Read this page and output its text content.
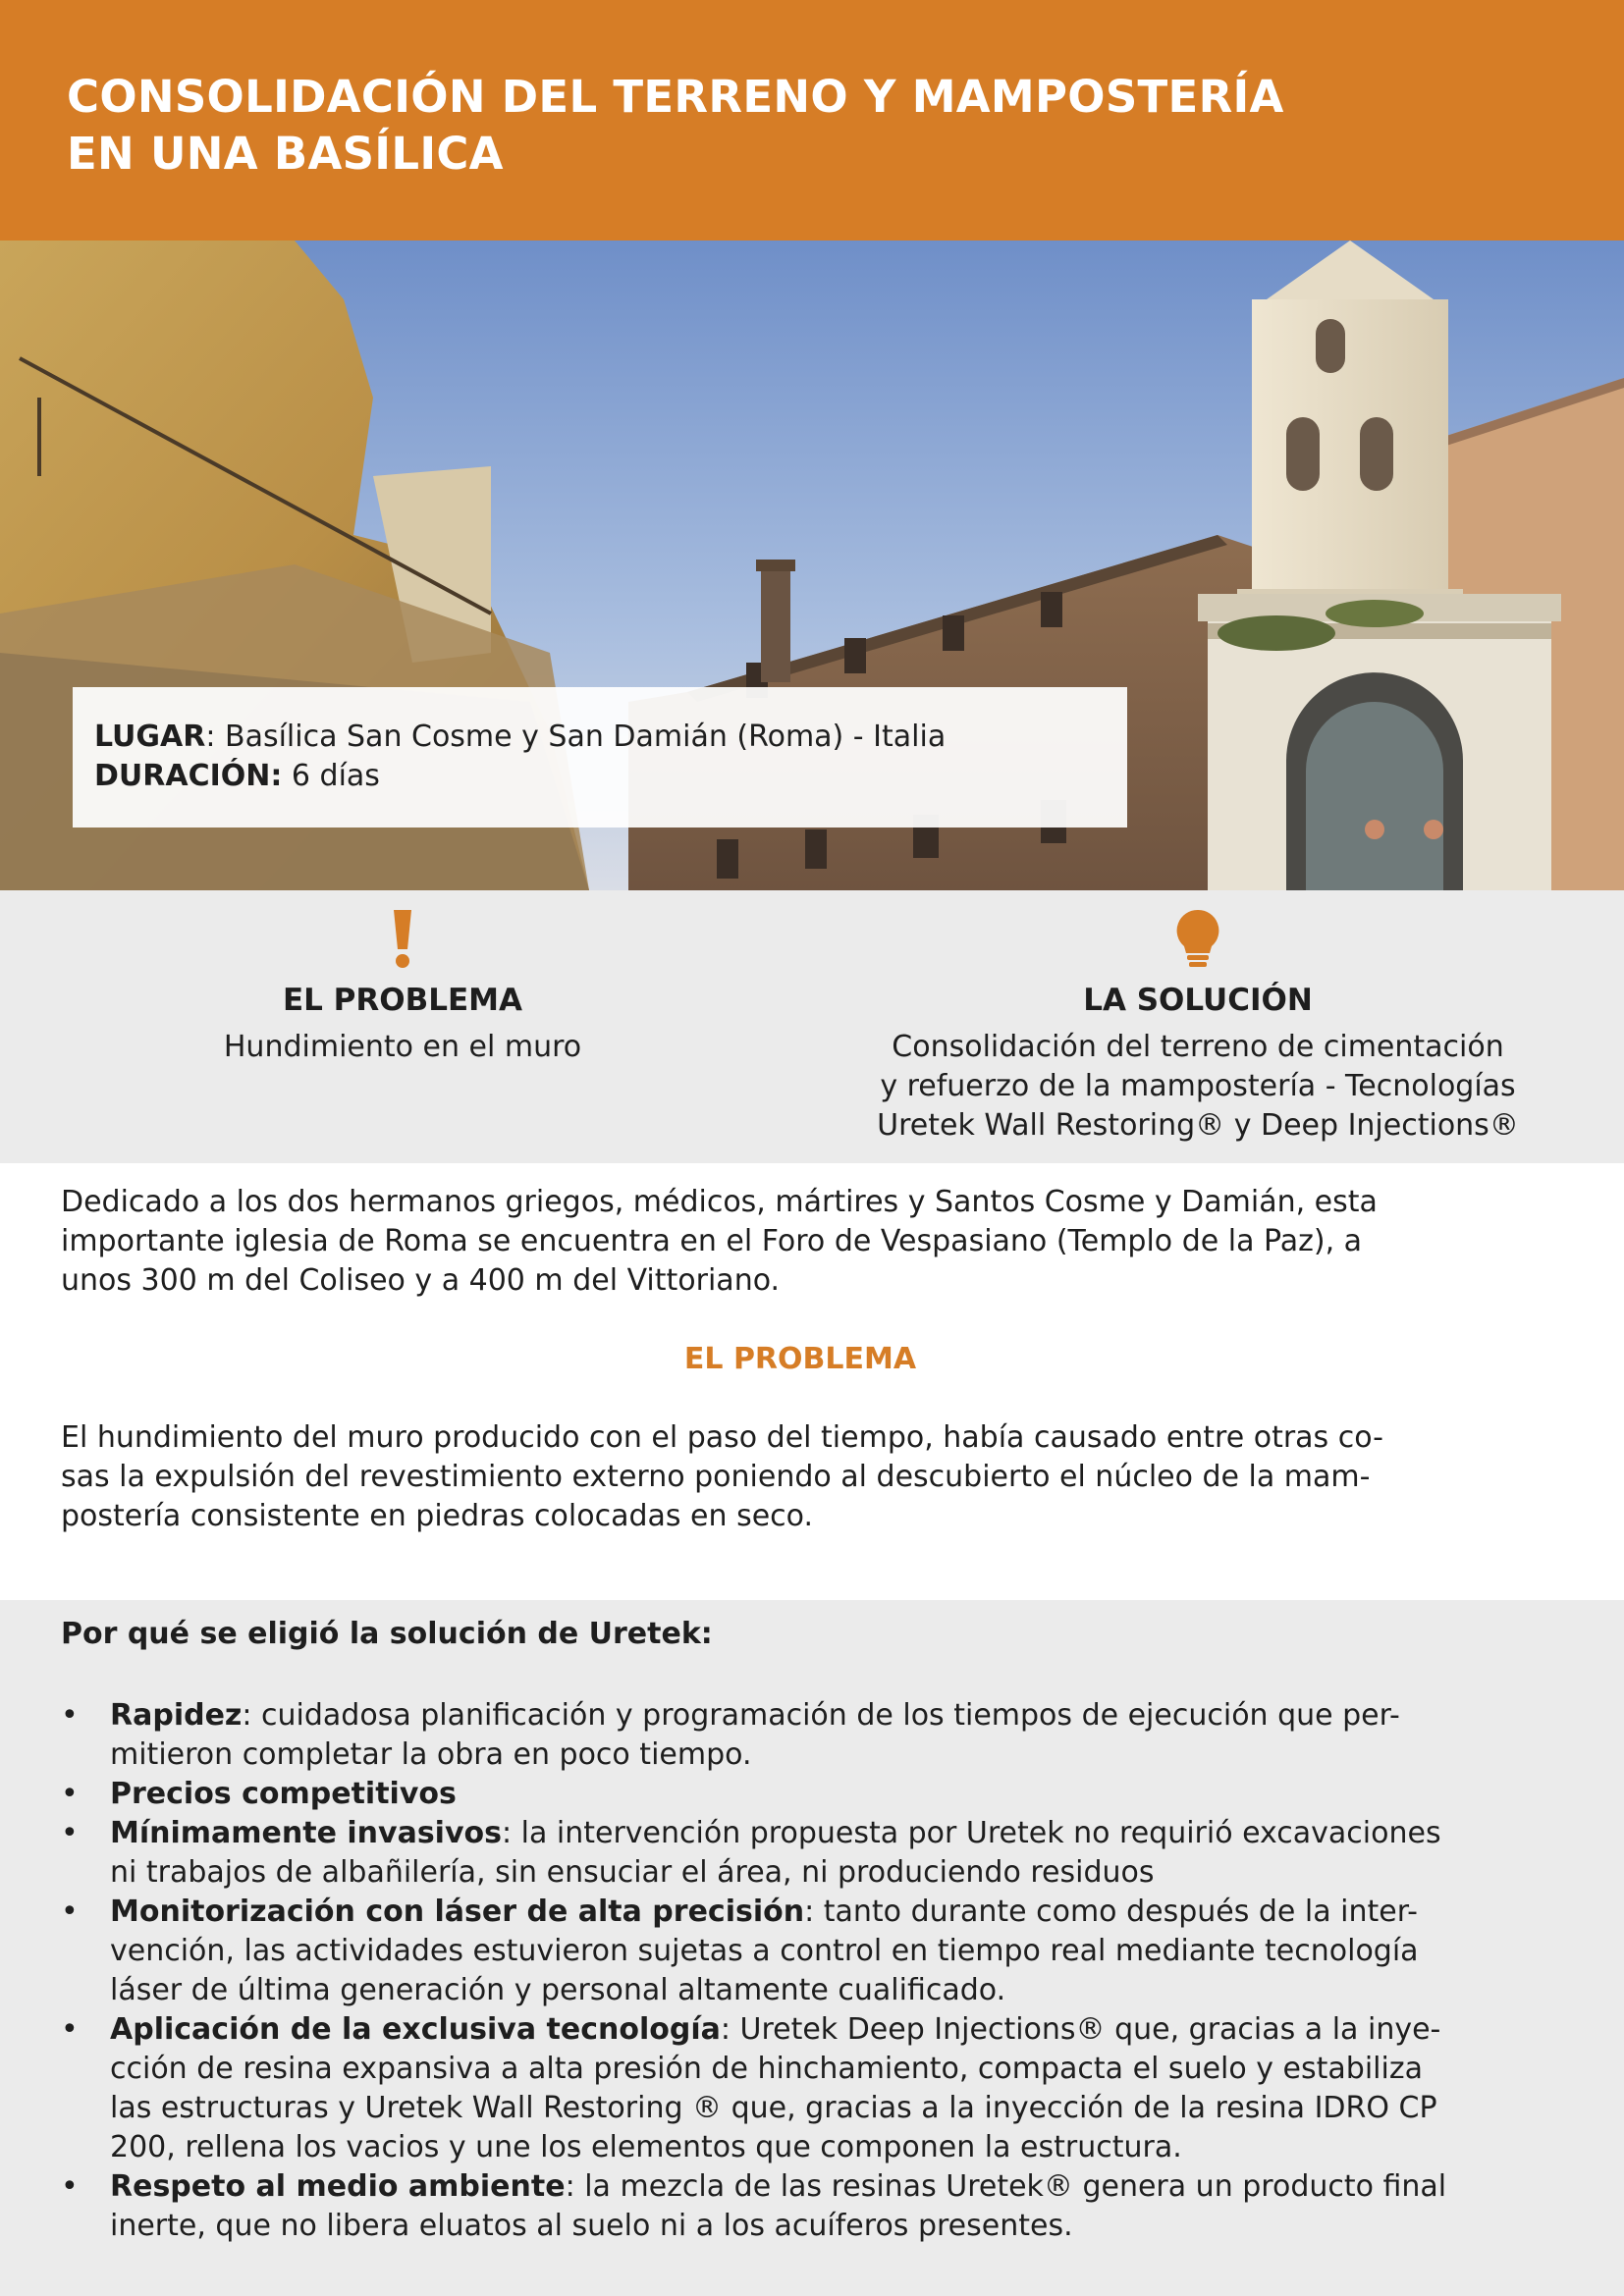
CONSOLIDACIÓN DEL TERRENO Y MAMPOSTERÍA
EN UNA BASÍLICA
LUGAR: Basílica San Cosme y San Damián (Roma) - Italia
DURACIÓN: 6 días
EL PROBLEMA
Hundimiento en el muro
LA SOLUCIÓN
Consolidación del terreno de cimentación
y refuerzo de la mampostería - Tecnologías
Uretek Wall Restoring® y Deep Injections®

Dedicado a los dos hermanos griegos, médicos, mártires y Santos Cosme y Damián, esta
importante iglesia de Roma se encuentra en el Foro de Vespasiano (Templo de la Paz), a
unos 300 m del Coliseo y a 400 m del Vittoriano.

EL PROBLEMA

El hundimiento del muro producido con el paso del tiempo, había causado entre otras co-
sas la expulsión del revestimiento externo poniendo al descubierto el núcleo de la mam-
postería consistente en piedras colocadas en seco.

Por qué se eligió la solución de Uretek:
• Rapidez: cuidadosa planificación y programación de los tiempos de ejecución que per-
mitieron completar la obra en poco tiempo.
• Precios competitivos
• Mínimamente invasivos: la intervención propuesta por Uretek no requirió excavaciones
ni trabajos de albañilería, sin ensuciar el área, ni produciendo residuos
• Monitorización con láser de alta precisión: tanto durante como después de la inter-
vención, las actividades estuvieron sujetas a control en tiempo real mediante tecnología
láser de última generación y personal altamente cualificado.
• Aplicación de la exclusiva tecnología: Uretek Deep Injections® que, gracias a la inye-
cción de resina expansiva a alta presión de hinchamiento, compacta el suelo y estabiliza
las estructuras y Uretek Wall Restoring ® que, gracias a la inyección de la resina IDRO CP
200, rellena los vacios y une los elementos que componen la estructura.
• Respeto al medio ambiente: la mezcla de las resinas Uretek® genera un producto final
inerte, que no libera eluatos al suelo ni a los acuíferos presentes.
